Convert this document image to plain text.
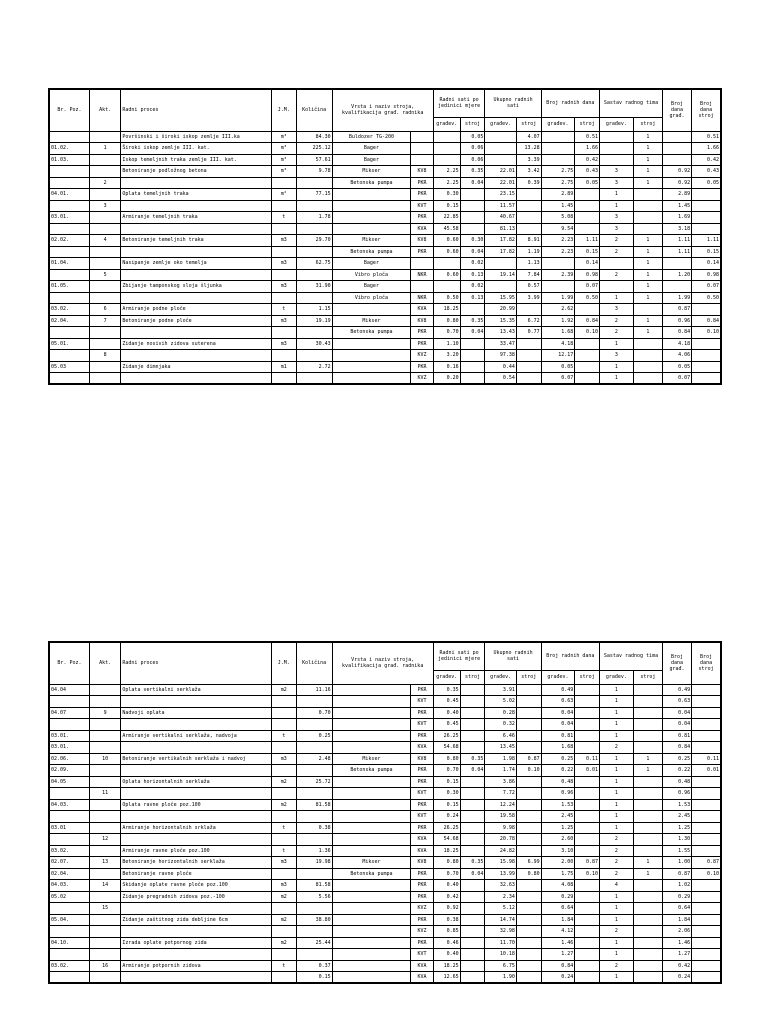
Br. Poz.	Akt.	Radni proces	J.M.	Količina	Vrsta i naziv stroja, kvalifikacija građ. radnika		Radni sati po jedinici mjere		Ukupno radnih sati		Broj radnih dana		Sastav radnog tima		Broj dana građ.	Broj dana stroj
							građev.	stroj	građev.	stroj	građev.	stroj	građev.	stroj		
		Površinski i široki iskop zemlje III.ka	m³	84.30	Buldozer TG-200			0.05		4.07		0.51		1		0.51
01.02.	1	Široki iskop zemlje III. kat.	m³	225.12	Bager			0.06		13.28		1.66		1		1.66
01.03.		Iskop temeljnih traka zemlje III. kat.	m³	57.61	Bager			0.06		3.39		0.42		1		0.42
		Betoniranje podložnog betona	m³	9.78	Mikser	KV8	2.25	0.35	22.01	3.42	2.75	0.43	3	1	0.92	0.43
	2				Betonska pumpa	PKR	2.25	0.04	22.01	0.39	2.75	0.05	3	1	0.92	0.05
04.01.		Oplata temeljnih traka	m²	77.15		PKR	0.30		23.15		2.89		1		2.89	
	3					KVT	0.15		11.57		1.45		1		1.45	
03.01.		Armiranje temeljnih traka	t	1.78		PKR	22.85		40.67		5.08		3		1.69	
						KVA	45.58		81.13		9.54		3		3.18	
02.02.	4	Betoniranje temeljnih traka	m3	29.70	Mikser	KV8	0.60	0.30	17.82	8.91	2.23	1.11	2	1	1.11	1.11
					Betonska pumpa	PKR	0.60	0.04	17.82	1.19	2.23	0.15	2	1	1.11	0.15
01.04.		Nasipanje zemlje oko temelja	m3	62.75	Bager			0.02		1.13		0.14		1		0.14
	5				Vibro ploča	NKR	0.60	0.13	19.14	7.84	2.39	0.98	2	1	1.20	0.98
01.05.		Zbijanje tamponskog sloja šljunka	m3	31.90	Bager			0.02		0.57		0.07		1		0.07
					Vibro ploča	NKR	0.50	0.13	15.95	3.99	1.99	0.50	1	1	1.99	0.50
03.02.	6	Armiranje podne ploče	t	1.15		KVA	18.25		20.99		2.62		3		0.87	
02.04.	7	Betoniranje podne ploče	m3	19.19	Mikser	KV8	0.80	0.35	15.35	6.72	1.92	0.84	2	1	0.96	0.84
					Betonska pumpa	PKR	0.70	0.04	13.43	0.77	1.68	0.10	2	1	0.84	0.10
05.01.		Zidanje nosivih zidova suterena	m3	30.43		PKR	1.10		33.47		4.18		1		4.18	
	8					KVZ	3.20		97.38		12.17		3		4.06	
05.03		Zidanje dimnjaka	m1	2.72		PKR	0.16		0.44		0.05		1		0.05	
						KVZ	0.20		0.54		0.07		1		0.07	
Br. Poz.	Akt.	Radni proces	J.M.	Količina	Vrsta i naziv stroja, kvalifikacija građ. radnika		Radni sati po jedinici mjere		Ukupno radnih sati		Broj radnih dana		Sastav radnog tima		Broj dana građ.	Broj dana stroj
							građev.	stroj	građev.	stroj	građev.	stroj	građev.	stroj		
04.04		Oplata vertikalni serklaža	m2	11.16		PKR	0.35		3.91		0.49		1		0.49	
						KVT	0.45		5.02		0.63		1		0.63	
04.07	9	Nadvoji oplata		0.70		PKR	0.40		0.28		0.04		1		0.04	
						KVT	0.45		0.32		0.04		1		0.04	
03.01.		Armiranje vertikalni serklaža, nadvoja	t	0.25		PKR	26.25		6.46		0.81		1		0.81	
03.01.						KVA	54.68		13.45		1.68		2		0.84	
02.06.	10	Betoniranje vertikalnih serklaža i nadvoj	m3	2.48	Mikser	KV8	0.80	0.35	1.98	0.87	0.25	0.11	1	1	0.25	0.11
02.09.					Betonska pumpa	PKR	0.70	0.04	1.74	0.10	0.22	0.01	1	1	0.22	0.01
04.05		Oplata horizontalnih serklaža	m2	25.72		PKR	0.15		3.86		0.48		1		0.48	
	11					KVT	0.30		7.72		0.96		1		0.96	
04.03.		Oplata ravne ploče poz.100	m2	81.58		PKR	0.15		12.24		1.53		1		1.53	
						KVT	0.24		19.58		2.45		1		2.45	
03.01		Armiranje horizontalnih srklaža	t	0.38		PKR	26.25		9.98		1.25		1		1.25	
	12					KVA	54.68		20.78		2.60		2		1.30	
03.02.		Armiranje ravne ploče poz.100	t	1.36		KVA	18.25		24.82		3.10		2		1.55	
02.07.	13	Betoniranje horizontalnih serklaža	m3	19.98	Mikser	KV8	0.80	0.35	15.98	6.99	2.00	0.87	2	1	1.00	0.87
02.04.		Betoniranje ravne ploče			Betonska pumpa	PKR	0.70	0.04	13.99	0.80	1.75	0.10	2	1	0.87	0.10
04.03.	14	Skidanje oplate ravne ploče poz.100	m3	81.58		PKR	0.40		32.63		4.08		4		1.02	
05.02		Zidanje pregradnih zidova poz.-100	m2	5.56		PKR	0.42		2.34		0.29		1		0.29	
	15					KVZ	0.92		5.12		0.64		1		0.64	
05.04.		Zidanje zaštitnog zida debljine 6cm	m2	38.80		PKR	0.38		14.74		1.84		1		1.84	
						KVZ	0.85		32.98		4.12		2		2.06	
04.10.		Izrada oplate potpornog zida	m2	25.44		PKR	0.46		11.70		1.46		1		1.46	
						KVT	0.40		10.18		1.27		1		1.27	
03.02.	16	Armiranje potpornih zidova	t	0.37		KVA	18.25		6.75		0.84		2		0.42	
				0.15		KVA	12.65		1.90		0.24		1		0.24	
